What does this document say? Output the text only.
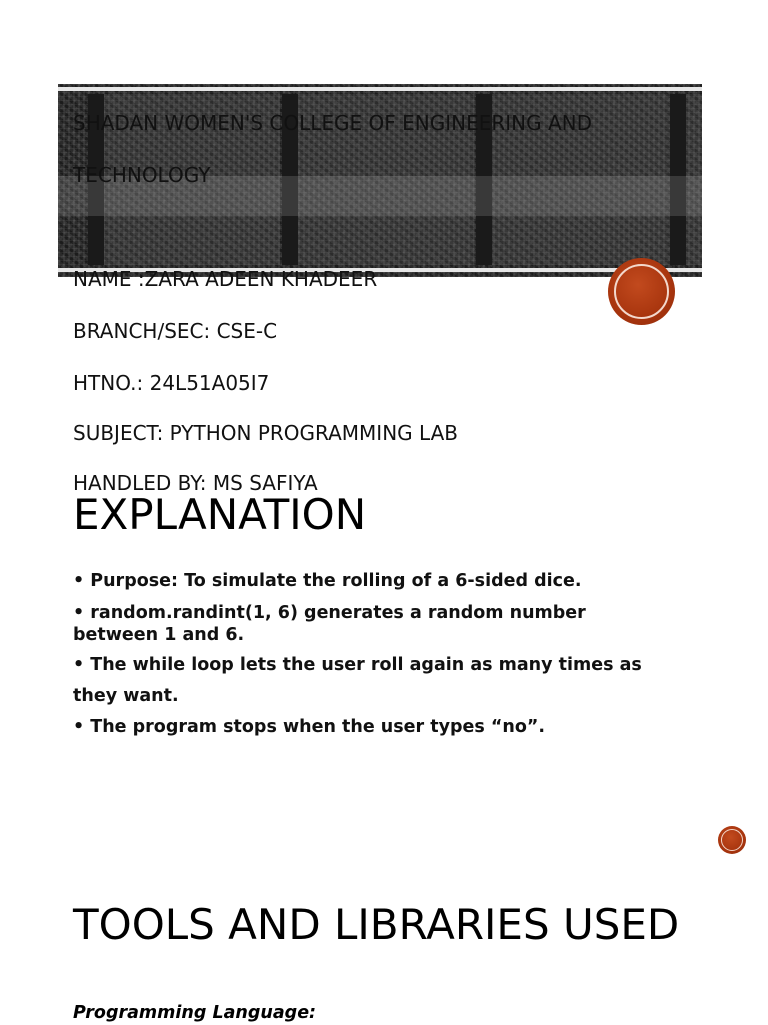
SHADAN WOMEN'S COLLEGE OF ENGINEERING AND

TECHNOLOGY

NAME :ZARA ADEEN KHADEER

BRANCH/SEC: CSE-C

HTNO.: 24L51A05I7

SUBJECT: PYTHON PROGRAMMING LAB

HANDLED BY: MS SAFIYA

EXPLANATION
• Purpose: To simulate the rolling of a 6-sided dice.
• random.randint(1, 6) generates a random number between 1 and 6.
• The while loop lets the user roll again as many times as they want.
• The program stops when the user types “no”.
TOOLS AND LIBRARIES USED

Programming Language:
